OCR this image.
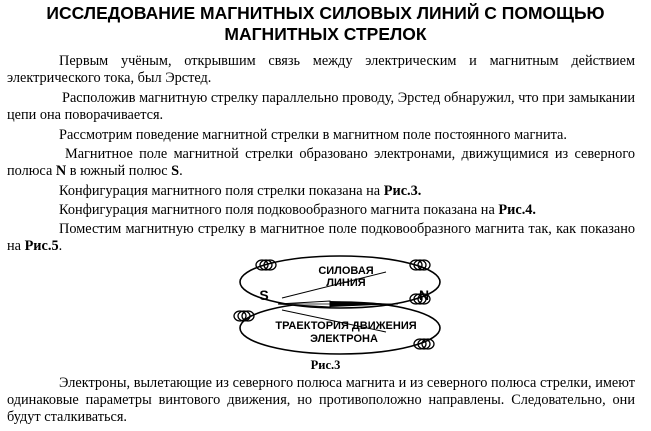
ИССЛЕДОВАНИЕ МАГНИТНЫХ СИЛОВЫХ ЛИНИЙ С ПОМОЩЬЮ
МАГНИТНЫХ СТРЕЛОК

Первым учёным, открывшим связь между электрическим и магнитным действием электрического тока, был Эрстед.

Расположив магнитную стрелку параллельно проводу, Эрстед обнаружил, что при замыкании цепи она поворачивается.

Рассмотрим поведение магнитной стрелки в магнитном поле постоянного магнита.

Магнитное поле магнитной стрелки образовано электронами, движущимися из северного полюса N в южный полюс S.

Конфигурация магнитного поля стрелки показана на Рис.3.

Конфигурация магнитного поля подковообразного магнита показана на Рис.4.

Поместим магнитную стрелку в магнитное поле подковообразного магнита так, как показано на Рис.5.

СИЛОВАЯ
ЛИНИЯ
S	N
ТРАЕКТОРИЯ ДВИЖЕНИЯ
ЭЛЕКТРОНА
Рис.3

Электроны, вылетающие из северного полюса магнита и из северного полюса стрелки, имеют одинаковые параметры винтового движения, но противоположно направлены. Следовательно, они будут сталкиваться.
